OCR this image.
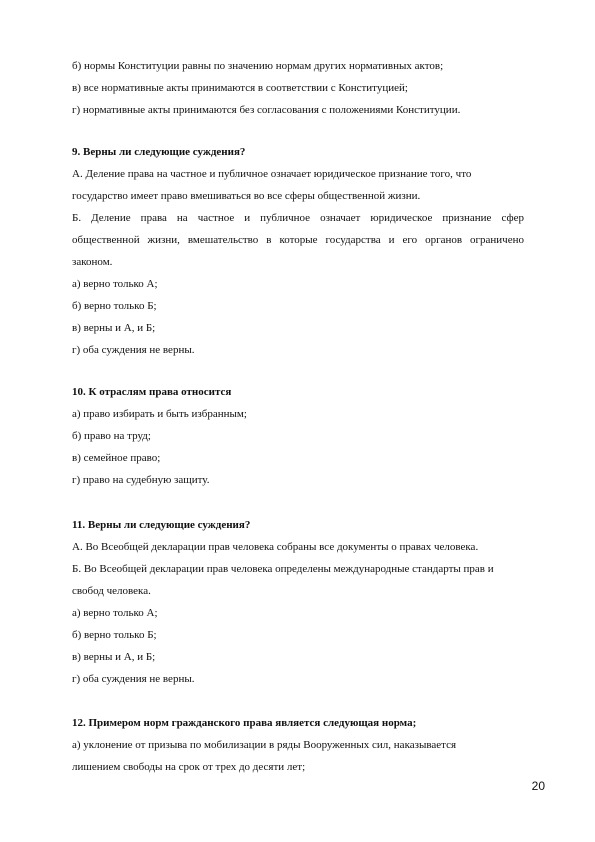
б) нормы Конституции равны по значению нормам других нормативных актов;
в) все нормативные акты принимаются в соответствии с Конституцией;
г) нормативные акты принимаются без согласования с положениями Конституции.
9. Верны ли следующие суждения?
А. Деление права на частное и публичное означает юридическое признание того, что
государство имеет право вмешиваться во все сферы общественной жизни.
Б. Деление права на частное и публичное означает юридическое признание сфер
общественной жизни, вмешательство в которые государства и его органов ограничено
законом.
а) верно только А;
б) верно только Б;
в) верны и А, и Б;
г) оба суждения не верны.
10. К отраслям права относится
а) право избирать и быть избранным;
б) право на труд;
в) семейное право;
г) право на судебную защиту.
11. Верны ли следующие суждения?
А. Во Всеобщей декларации прав человека собраны все документы о правах человека.
Б. Во Всеобщей декларации прав человека определены международные стандарты прав и
свобод человека.
а) верно только А;
б) верно только Б;
в) верны и А, и Б;
г) оба суждения не верны.
12. Примером норм гражданского права является следующая норма;
а) уклонение от призыва по мобилизации в ряды Вооруженных сил, наказывается
лишением свободы на срок от трех до десяти лет;
20
